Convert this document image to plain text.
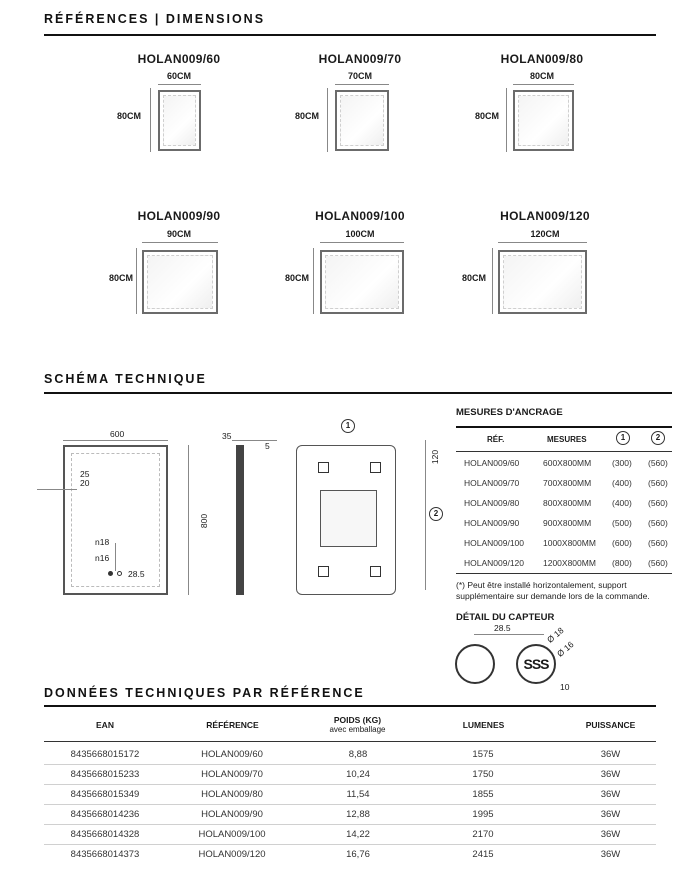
RÉFÉRENCES | DIMENSIONS
HOLAN009/60
60CM
80CM
HOLAN009/70
70CM
80CM
HOLAN009/80
80CM
80CM
HOLAN009/90
90CM
80CM
HOLAN009/100
100CM
80CM
HOLAN009/120
120CM
80CM
SCHÉMA TECHNIQUE
600
800
25
20
n18
n16
28.5
35
5
1
120
2
MESURES D'ANCRAGE
RÉF.	MESURES	1	2
HOLAN009/60	600X800MM (300) (560)
HOLAN009/70	700X800MM (400) (560)
HOLAN009/80	800X800MM (400) (560)
HOLAN009/90	900X800MM (500) (560)
HOLAN009/100 1000X800MM (600) (560)
HOLAN009/120 1200X800MM (800) (560)
(*) Peut être installé horizontalement, support
supplémentaire sur demande lors de la commande.
DÉTAIL DU CAPTEUR
28.5
SSS
Ø 18
Ø 16
10
DONNÉES TECHNIQUES PAR RÉFÉRENCE
EAN	RÉFÉRENCE	POIDS (KG)
avec emballage	LUMENES	PUISSANCE
8435668015172	HOLAN009/60	8,88	1575	36W
8435668015233	HOLAN009/70	10,24	1750	36W
8435668015349	HOLAN009/80	11,54	1855	36W
8435668014236	HOLAN009/90	12,88	1995	36W
8435668014328	HOLAN009/100	14,22	2170	36W
8435668014373	HOLAN009/120	16,76	2415	36W
